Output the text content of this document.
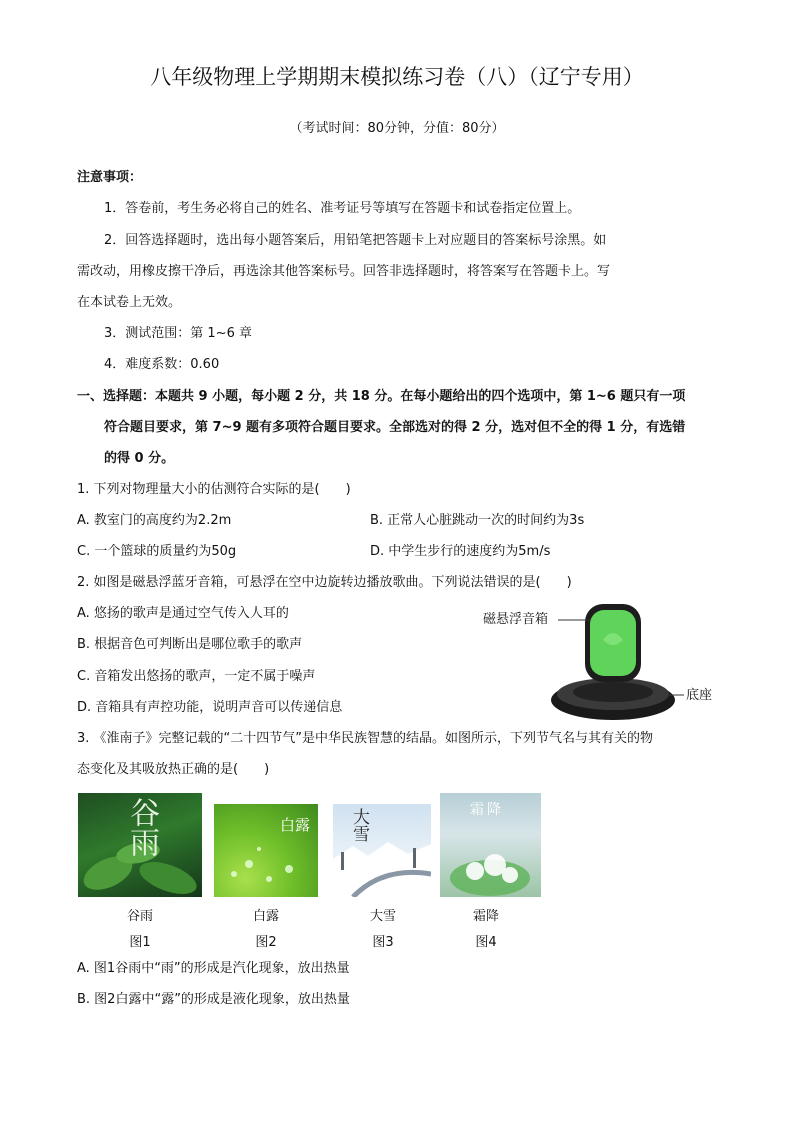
八年级物理上学期期末模拟练习卷（八）（辽宁专用）
（考试时间：80分钟，分值：80分）
注意事项：
1．答卷前，考生务必将自己的姓名、准考证号等填写在答题卡和试卷指定位置上。
2．回答选择题时，选出每小题答案后，用铅笔把答题卡上对应题目的答案标号涂黑。如
需改动，用橡皮擦干净后，再选涂其他答案标号。回答非选择题时，将答案写在答题卡上。写
在本试卷上无效。
3．测试范围：第 1~6 章
4．难度系数：0.60
一、选择题：本题共 9 小题，每小题 2 分，共 18 分。在每小题给出的四个选项中，第 1~6 题只有一项
符合题目要求，第 7~9 题有多项符合题目要求。全部选对的得 2 分，选对但不全的得 1 分，有选错
的得 0 分。
1. 下列对物理量大小的估测符合实际的是(　　)
A. 教室门的高度约为2.2m	B. 正常人心脏跳动一次的时间约为3s
C. 一个篮球的质量约为50g	D. 中学生步行的速度约为5m/s
2. 如图是磁悬浮蓝牙音箱，可悬浮在空中边旋转边播放歌曲。下列说法错误的是(　　)
A. 悠扬的歌声是通过空气传入人耳的
B. 根据音色可判断出是哪位歌手的歌声
C. 音箱发出悠扬的歌声，一定不属于噪声
D. 音箱具有声控功能，说明声音可以传递信息
磁悬浮音箱
底座
3. 《淮南子》完整记载的“二十四节气”是中华民族智慧的结晶。如图所示，下列节气名与其有关的物
态变化及其吸放热正确的是(　　)
谷雨	白露 大雪	霜降
谷雨	白露	大雪	霜降
图1	图2	图3	图4
A. 图1谷雨中“雨”的形成是汽化现象，放出热量
B. 图2白露中“露”的形成是液化现象，放出热量
